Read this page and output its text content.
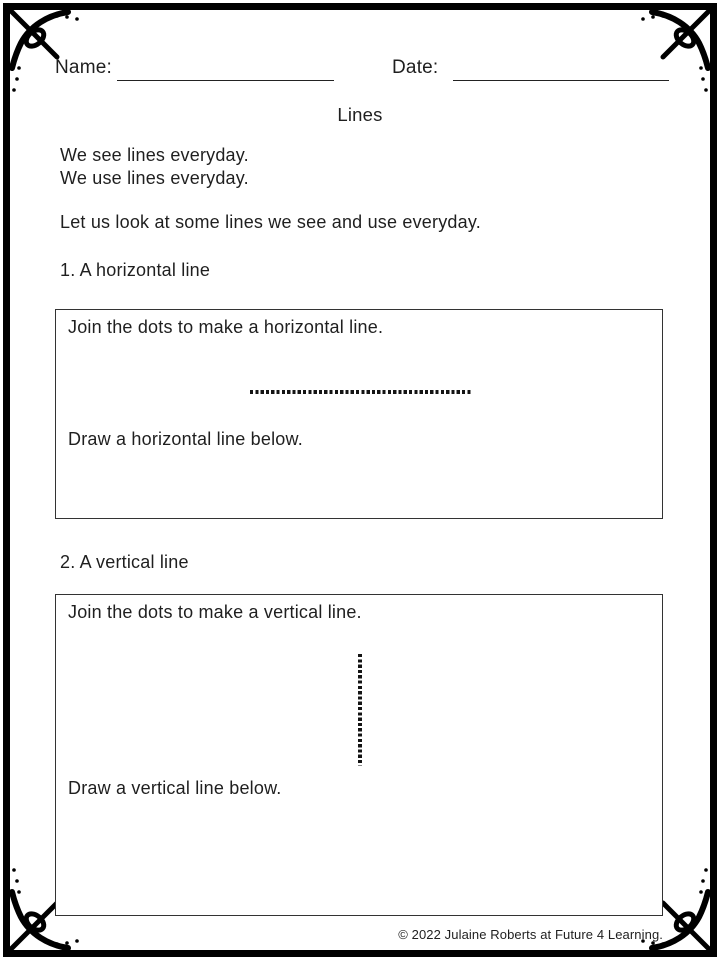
Name:	Date:
Lines
We see lines everyday.
We use lines everyday.
Let us look at some lines we see and use everyday.
1. A horizontal line
Join the dots to make a horizontal line.
Draw a horizontal line below.
2. A vertical line
Join the dots to make a vertical line.
Draw a vertical line below.
© 2022 Julaine Roberts at Future 4 Learning.
